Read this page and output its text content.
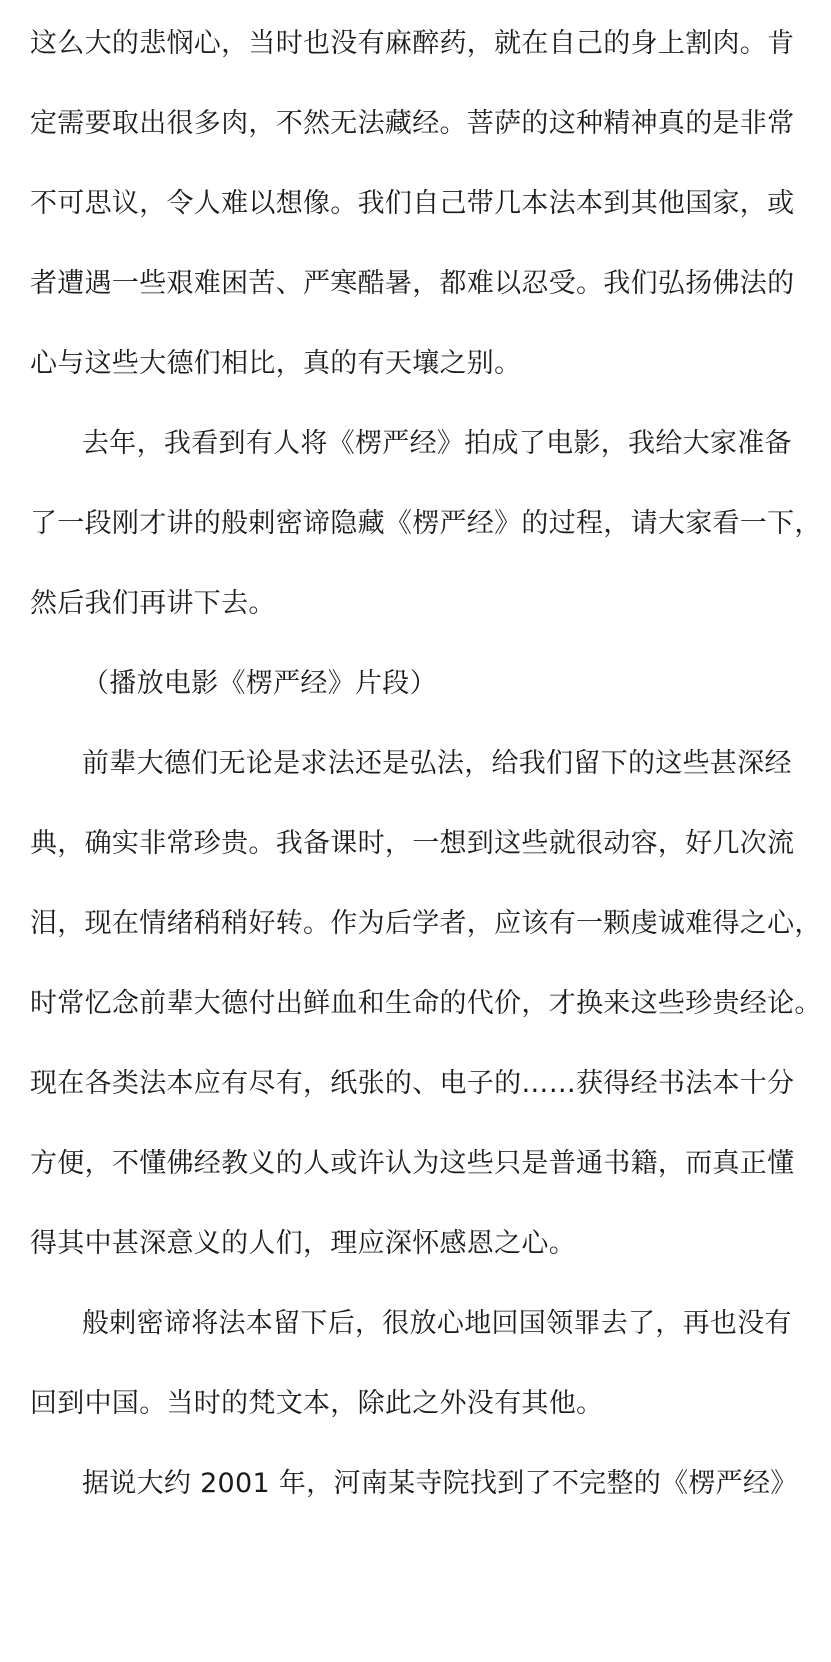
这么大的悲悯心，当时也没有麻醉药，就在自己的身上割肉。肯
定需要取出很多肉，不然无法藏经。菩萨的这种精神真的是非常
不可思议，令人难以想像。我们自己带几本法本到其他国家，或
者遭遇一些艰难困苦、严寒酷暑，都难以忍受。我们弘扬佛法的
心与这些大德们相比，真的有天壤之别。
去年，我看到有人将《楞严经》拍成了电影，我给大家准备
了一段刚才讲的般剌密谛隐藏《楞严经》的过程，请大家看一下，
然后我们再讲下去。
（播放电影《楞严经》片段）
前辈大德们无论是求法还是弘法，给我们留下的这些甚深经
典，确实非常珍贵。我备课时，一想到这些就很动容，好几次流
泪，现在情绪稍稍好转。作为后学者，应该有一颗虔诚难得之心，
时常忆念前辈大德付出鲜血和生命的代价，才换来这些珍贵经论。
现在各类法本应有尽有，纸张的、电子的……获得经书法本十分
方便，不懂佛经教义的人或许认为这些只是普通书籍，而真正懂
得其中甚深意义的人们，理应深怀感恩之心。
般剌密谛将法本留下后，很放心地回国领罪去了，再也没有
回到中国。当时的梵文本，除此之外没有其他。
据说大约 2001 年，河南某寺院找到了不完整的《楞严经》
